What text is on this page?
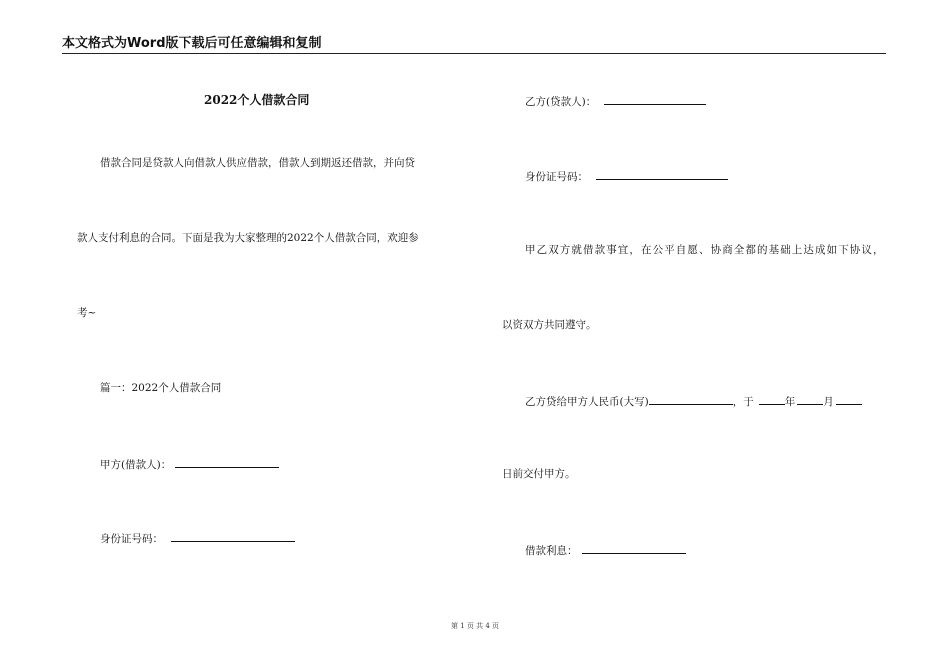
本文格式为Word版下载后可任意编辑和复制
2022个人借款合同
借款合同是贷款人向借款人供应借款，借款人到期返还借款，并向贷
款人支付利息的合同。下面是我为大家整理的2022个人借款合同，欢迎参
考~
篇一：2022个人借款合同
甲方(借款人)：
身份证号码：
乙方(贷款人)：
身份证号码：
甲乙双方就借款事宜，在公平自愿、协商全都的基础上达成如下协议，
以资双方共同遵守。
乙方贷给甲方人民币(大写)	，于	年	月
日前交付甲方。
借款利息：
第 1 页 共 4 页
